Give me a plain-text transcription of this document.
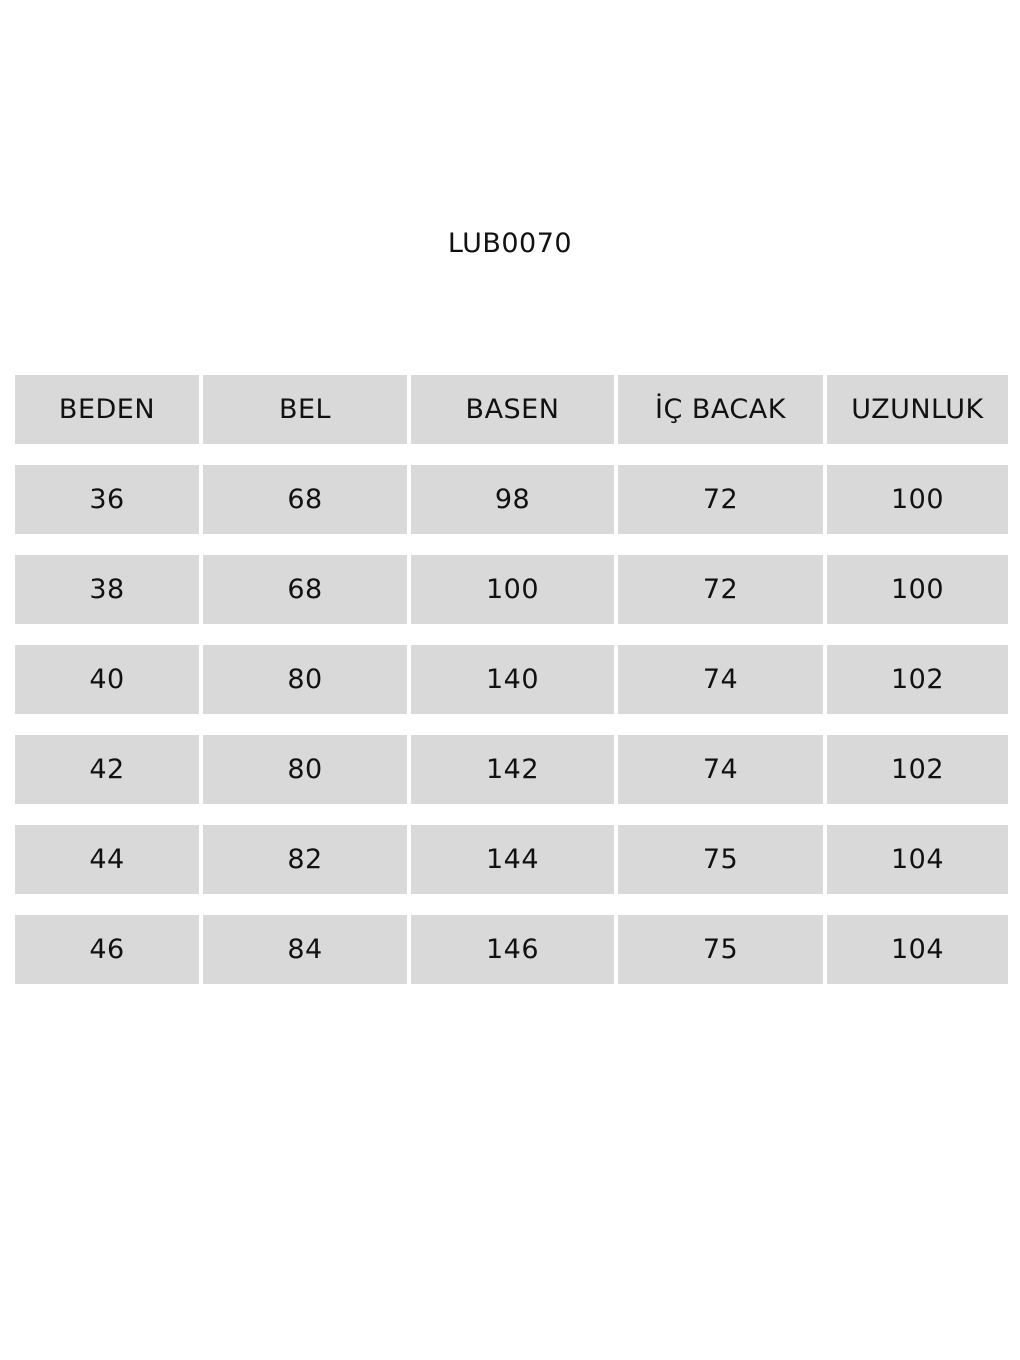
LUB0070
BEDEN	BEL	BASEN	İÇ BACAK	UZUNLUK
36	68	98	72	100
38	68	100	72	100
40	80	140	74	102
42	80	142	74	102
44	82	144	75	104
46	84	146	75	104
